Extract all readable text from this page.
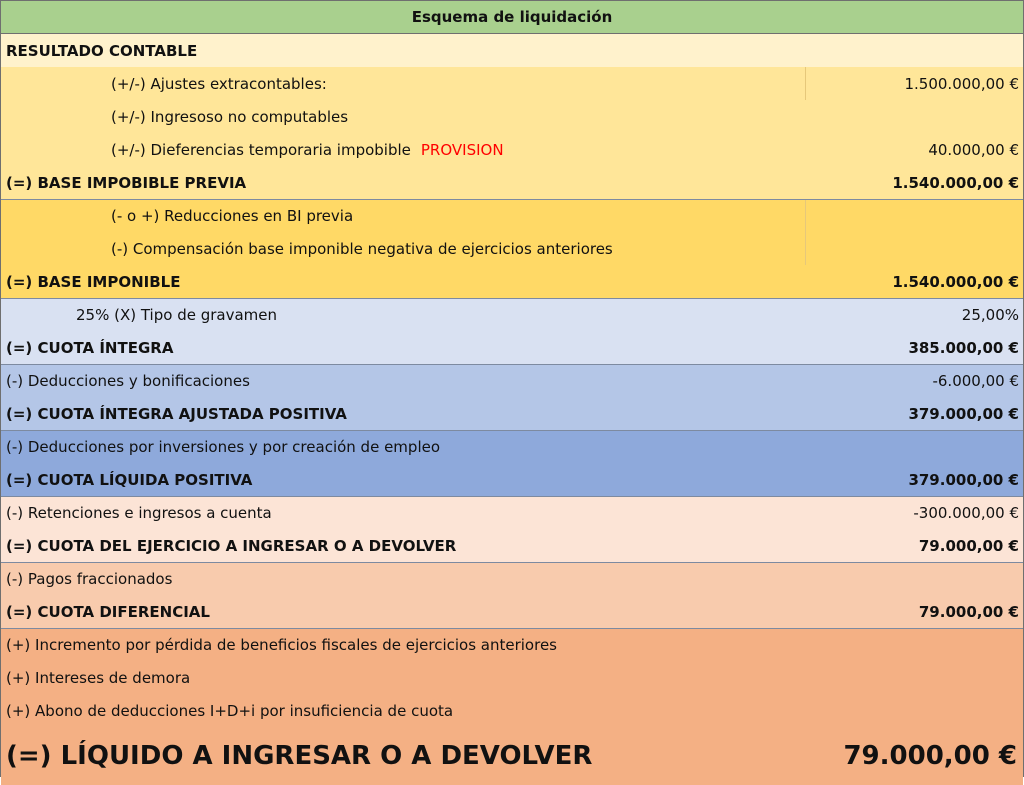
Esquema de liquidación
RESULTADO CONTABLE
(+/-) Ajustes extracontables:	1.500.000,00 €
(+/-) Ingresoso no computables
(+/-) Dieferencias temporaria impobible PROVISION	40.000,00 €
(=) BASE IMPOBIBLE PREVIA	1.540.000,00 €
(- o +) Reducciones en BI previa
(-) Compensación base imponible negativa de ejercicios anteriores
(=) BASE IMPONIBLE	1.540.000,00 €
25% (X) Tipo de gravamen	25,00%
(=) CUOTA ÍNTEGRA	385.000,00 €
(-) Deducciones y bonificaciones	-6.000,00 €
(=) CUOTA ÍNTEGRA AJUSTADA POSITIVA	379.000,00 €
(-) Deducciones por inversiones y por creación de empleo
(=) CUOTA LÍQUIDA POSITIVA	379.000,00 €
(-) Retenciones e ingresos a cuenta	-300.000,00 €
(=) CUOTA DEL EJERCICIO A INGRESAR O A DEVOLVER	79.000,00 €
(-) Pagos fraccionados
(=) CUOTA DIFERENCIAL	79.000,00 €
(+) Incremento por pérdida de beneficios fiscales de ejercicios anteriores
(+) Intereses de demora
(+) Abono de deducciones I+D+i por insuficiencia de cuota
(=) LÍQUIDO A INGRESAR O A DEVOLVER	79.000,00 €
